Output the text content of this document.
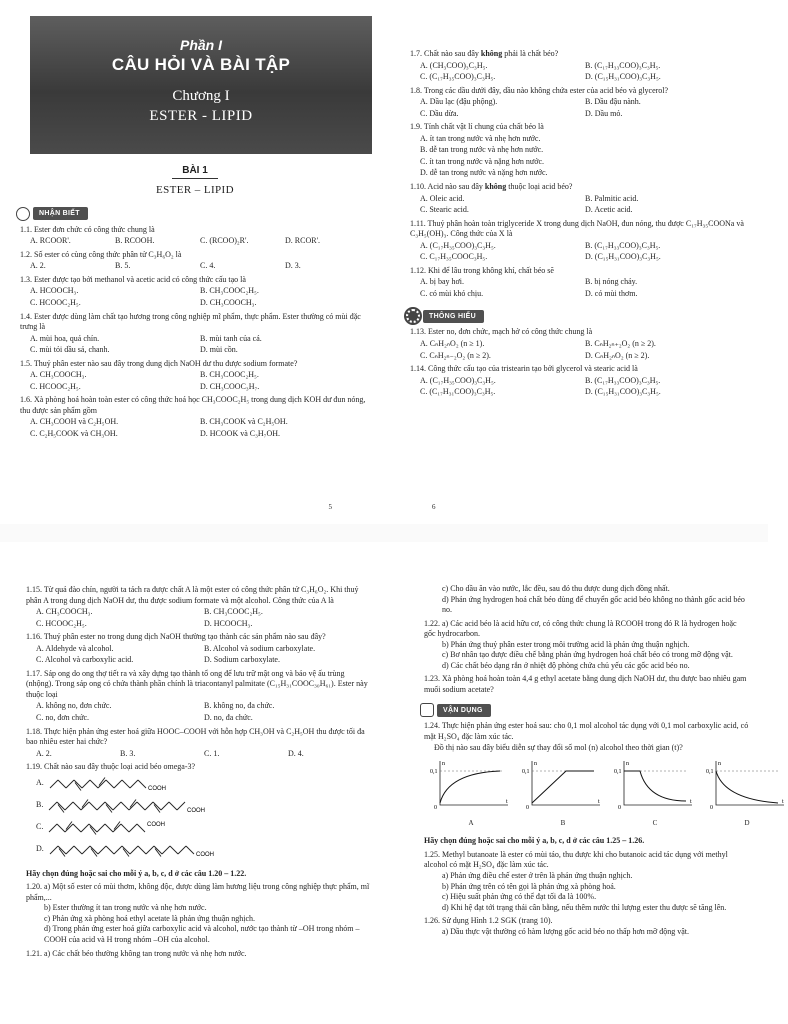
Phần I
CÂU HỎI VÀ BÀI TẬP
Chương I
ESTER - LIPID
BÀI 1
ESTER – LIPID
NHẬN BIẾT
1.1. Ester đơn chức có công thức chung là
A. RCOOR'.	B. RCOOH.	C. (RCOO)₂R'.	D. RCOR'.
1.2. Số ester có cùng công thức phân tử C₃H₆O₂ là
A. 2.	B. 5.	C. 4.	D. 3.
1.3. Ester được tạo bởi methanol và acetic acid có công thức cấu tạo là
A. HCOOCH₃.	B. CH₃COOC₂H₅.
C. HCOOC₂H₅.	D. CH₃COOCH₃.
1.4. Ester được dùng làm chất tạo hương trong công nghiệp mĩ phẩm, thực phẩm. Ester thường có mùi đặc trưng là
A. mùi hoa, quả chín.	B. mùi tanh của cá.
C. mùi tỏi dầu sả, chanh.	D. mùi cồn.
1.5. Thuỷ phân ester nào sau đây trong dung dịch NaOH dư thu được sodium formate?
A. CH₃COOCH₃.	B. CH₃COOC₂H₅.
C. HCOOC₂H₅.	D. CH₃COOC₃H₇.
1.6. Xà phòng hoá hoàn toàn ester có công thức hoá học CH₃COOC₂H₅ trong dung dịch KOH dư đun nóng, thu được sản phẩm gồm
A. CH₃COOH và C₂H₅OH.	B. CH₃COOK và C₂H₅OH.
C. C₂H₅COOK và CH₃OH.	D. HCOOK và C₃H₇OH.
5
1.7. Chất nào sau đây không phải là chất béo?
A. (CH₃COO)₃C₃H₅.	B. (C₁₇H₃₃COO)₃C₃H₅.
C. (C₁₇H₃₅COO)₃C₃H₅.	D. (C₁₅H₃₁COO)₃C₃H₅.
1.8. Trong các dầu dưới đây, dầu nào không chứa ester của acid béo và glycerol?
A. Dầu lạc (đậu phộng).	B. Dầu đậu nành.
C. Dầu dừa.	D. Dầu mỏ.
1.9. Tính chất vật lí chung của chất béo là
A. ít tan trong nước và nhẹ hơn nước.
B. dễ tan trong nước và nhẹ hơn nước.
C. ít tan trong nước và nặng hơn nước.
D. dễ tan trong nước và nặng hơn nước.
1.10. Acid nào sau đây không thuộc loại acid béo?
A. Oleic acid.	B. Palmitic acid.
C. Stearic acid.	D. Acetic acid.
1.11. Thuỷ phân hoàn toàn triglyceride X trong dung dịch NaOH, đun nóng, thu được C₁₇H₃₅COONa và C₃H₅(OH)₃. Công thức của X là
A. (C₁₇H₃₅COO)₃C₃H₅.	B. (C₁₇H₃₃COO)₃C₃H₅.
C. C₁₇H₃₅COOC₃H₅.	D. (C₁₅H₃₁COO)₃C₃H₅.
1.12. Khi để lâu trong không khí, chất béo sẽ
A. bị bay hơi.	B. bị nóng chảy.
C. có mùi khó chịu.	D. có mùi thơm.
THÔNG HIỂU
1.13. Ester no, đơn chức, mạch hở có công thức chung là
A. CₙH₂ₙO₂ (n ≥ 1).	B. CₙH₂ₙ₊₂O₂ (n ≥ 2).
C. CₙH₂ₙ₋₂O₂ (n ≥ 2).	D. CₙH₂ₙO₂ (n ≥ 2).
1.14. Công thức cấu tạo của tristearin tạo bởi glycerol và stearic acid là
A. (C₁₇H₃₅COO)₃C₃H₅.	B. (C₁₇H₃₃COO)₃C₃H₅.
C. (C₁₇H₃₁COO)₃C₃H₅.	D. (C₁₅H₃₁COO)₃C₃H₅.
6
1.15. Từ quả đào chín, người ta tách ra được chất A là một ester có công thức phân tử C₃H₆O₂. Khi thuỷ phân A trong dung dịch NaOH dư, thu được sodium formate và một alcohol. Công thức của A là
A. CH₃COOCH₃.	B. CH₃COOC₂H₅.
C. HCOOC₂H₅.	D. HCOOCH₃.
1.16. Thuỷ phân ester no trong dung dịch NaOH thường tạo thành các sản phẩm nào sau đây?
A. Aldehyde và alcohol.	B. Alcohol và sodium carboxylate.
C. Alcohol và carboxylic acid.	D. Sodium carboxylate.
1.17. Sáp ong do ong thợ tiết ra và xây dựng tạo thành tổ ong để lưu trữ mật ong và bảo vệ ấu trùng (nhộng). Trong sáp ong có chứa thành phần chính là triacontanyl palmitate (C₁₅H₃₁COOC₃₀H₆₁). Ester này thuộc loại
A. không no, đơn chức.	B. không no, đa chức.
C. no, đơn chức.	D. no, đa chức.
1.18. Thực hiện phản ứng ester hoá giữa HOOC–COOH với hỗn hợp CH₃OH và C₂H₅OH thu được tối đa bao nhiêu ester hai chức?
A. 2.	B. 3.	C. 1.	D. 4.
1.19. Chất nào sau đây thuộc loại acid béo omega-3?
A.
COOH
B.
COOH
C.	COOH
D.
COOH
Hãy chọn đúng hoặc sai cho mỗi ý a, b, c, d ở các câu 1.20 – 1.22.
1.20. a) Một số ester có mùi thơm, không độc, được dùng làm hương liệu trong công nghiệp thực phẩm, mĩ phẩm,...
b) Ester thường ít tan trong nước và nhẹ hơn nước.
c) Phản ứng xà phòng hoá ethyl acetate là phản ứng thuận nghịch.
d) Trong phản ứng ester hoá giữa carboxylic acid và alcohol, nước tạo thành từ –OH trong nhóm –COOH của acid và H trong nhóm –OH của alcohol.
1.21. a) Các chất béo thường không tan trong nước và nhẹ hơn nước.
c) Cho dầu ăn vào nước, lắc đều, sau đó thu được dung dịch đồng nhất.
d) Phản ứng hydrogen hoá chất béo dùng để chuyển gốc acid béo không no thành gốc acid béo no.
1.22. a) Các acid béo là acid hữu cơ, có công thức chung là RCOOH trong đó R là hydrogen hoặc gốc hydrocarbon.
b) Phản ứng thuỷ phân ester trong môi trường acid là phản ứng thuận nghịch.
c) Bơ nhân tạo được điều chế bằng phản ứng hydrogen hoá chất béo có trong mỡ động vật.
d) Các chất béo dạng rắn ở nhiệt độ phòng chứa chủ yếu các gốc acid béo no.
1.23. Xà phòng hoá hoàn toàn 4,4 g ethyl acetate bằng dung dịch NaOH dư, thu được bao nhiêu gam muối sodium acetate?
VẬN DỤNG
1.24. Thực hiện phản ứng ester hoá sau: cho 0,1 mol alcohol tác dụng với 0,1 mol carboxylic acid, có mặt H₂SO₄ đặc làm xúc tác.
Đồ thị nào sau đây biểu diễn sự thay đổi số mol (n) alcohol theo thời gian (t)?
n
t
0,1
0
A
n
t
0,1
0
B
n
t
0,1
0
C
n
t
0,1
0
D
Hãy chọn đúng hoặc sai cho mỗi ý a, b, c, d ở các câu 1.25 – 1.26.
1.25. Methyl butanoate là ester có mùi táo, thu được khi cho butanoic acid tác dụng với methyl alcohol có mặt H₂SO₄ đặc làm xúc tác.
a) Phản ứng điều chế ester ở trên là phản ứng thuận nghịch.
b) Phản ứng trên có tên gọi là phản ứng xà phòng hoá.
c) Hiệu suất phản ứng có thể đạt tối đa là 100%.
d) Khi hệ đạt tới trạng thái cân bằng, nếu thêm nước thì lượng ester thu được sẽ tăng lên.
1.26. Sử dụng Hình 1.2 SGK (trang 10).
a) Dầu thực vật thường có hàm lượng gốc acid béo no thấp hơn mỡ động vật.
